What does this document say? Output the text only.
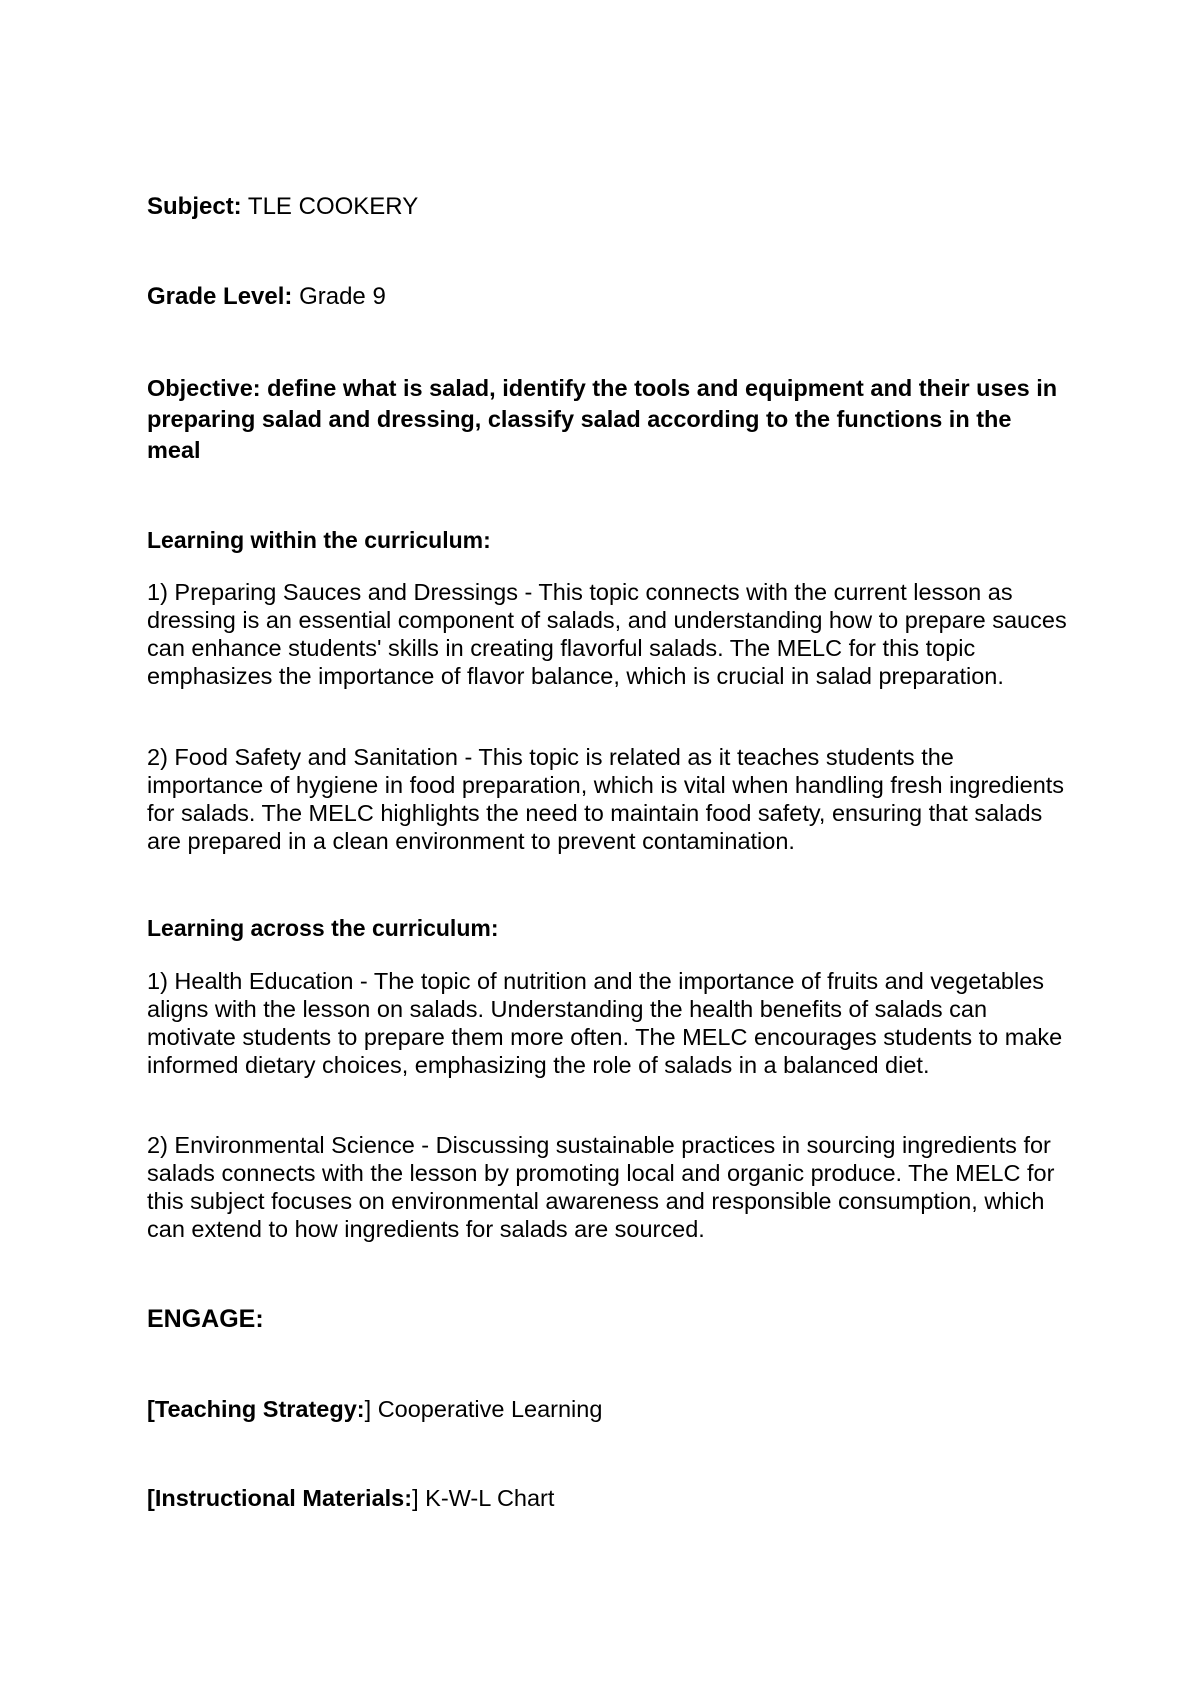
Subject: TLE COOKERY

Grade Level: Grade 9

Objective: define what is salad, identify the tools and equipment and their uses in preparing salad and dressing, classify salad according to the functions in the meal

Learning within the curriculum:

1) Preparing Sauces and Dressings - This topic connects with the current lesson as dressing is an essential component of salads, and understanding how to prepare sauces can enhance students' skills in creating flavorful salads. The MELC for this topic emphasizes the importance of flavor balance, which is crucial in salad preparation.

2) Food Safety and Sanitation - This topic is related as it teaches students the importance of hygiene in food preparation, which is vital when handling fresh ingredients for salads. The MELC highlights the need to maintain food safety, ensuring that salads are prepared in a clean environment to prevent contamination.

Learning across the curriculum:

1) Health Education - The topic of nutrition and the importance of fruits and vegetables aligns with the lesson on salads. Understanding the health benefits of salads can motivate students to prepare them more often. The MELC encourages students to make informed dietary choices, emphasizing the role of salads in a balanced diet.

2) Environmental Science - Discussing sustainable practices in sourcing ingredients for salads connects with the lesson by promoting local and organic produce. The MELC for this subject focuses on environmental awareness and responsible consumption, which can extend to how ingredients for salads are sourced.

ENGAGE:

[Teaching Strategy:] Cooperative Learning

[Instructional Materials:] K-W-L Chart
